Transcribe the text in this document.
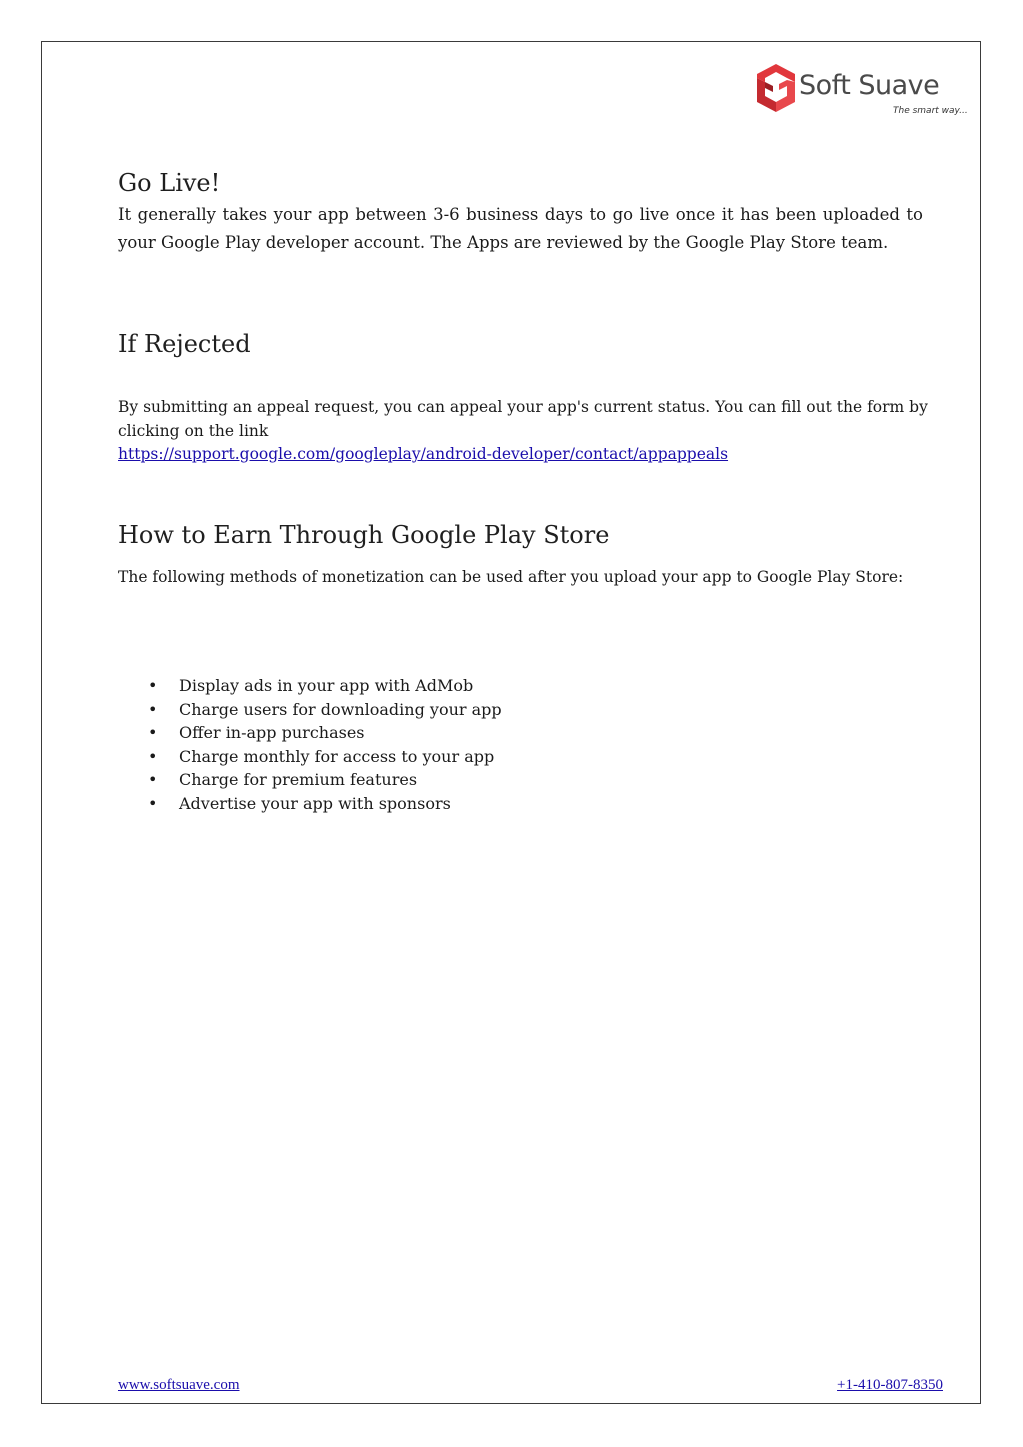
Soft Suave
The smart way...
Go Live!

It generally takes your app between 3-6 business days to go live once it has been uploaded to your Google Play developer account. The Apps are reviewed by the Google Play Store team.

If Rejected

By submitting an appeal request, you can appeal your app's current status. You can fill out the form by clicking on the link
https://support.google.com/googleplay/android-developer/contact/appappeals

How to Earn Through Google Play Store

The following methods of monetization can be used after you upload your app to Google Play Store:

• Display ads in your app with AdMob
• Charge users for downloading your app
• Offer in-app purchases
• Charge monthly for access to your app
• Charge for premium features
• Advertise your app with sponsors
www.softsuave.com	+1-410-807-8350
